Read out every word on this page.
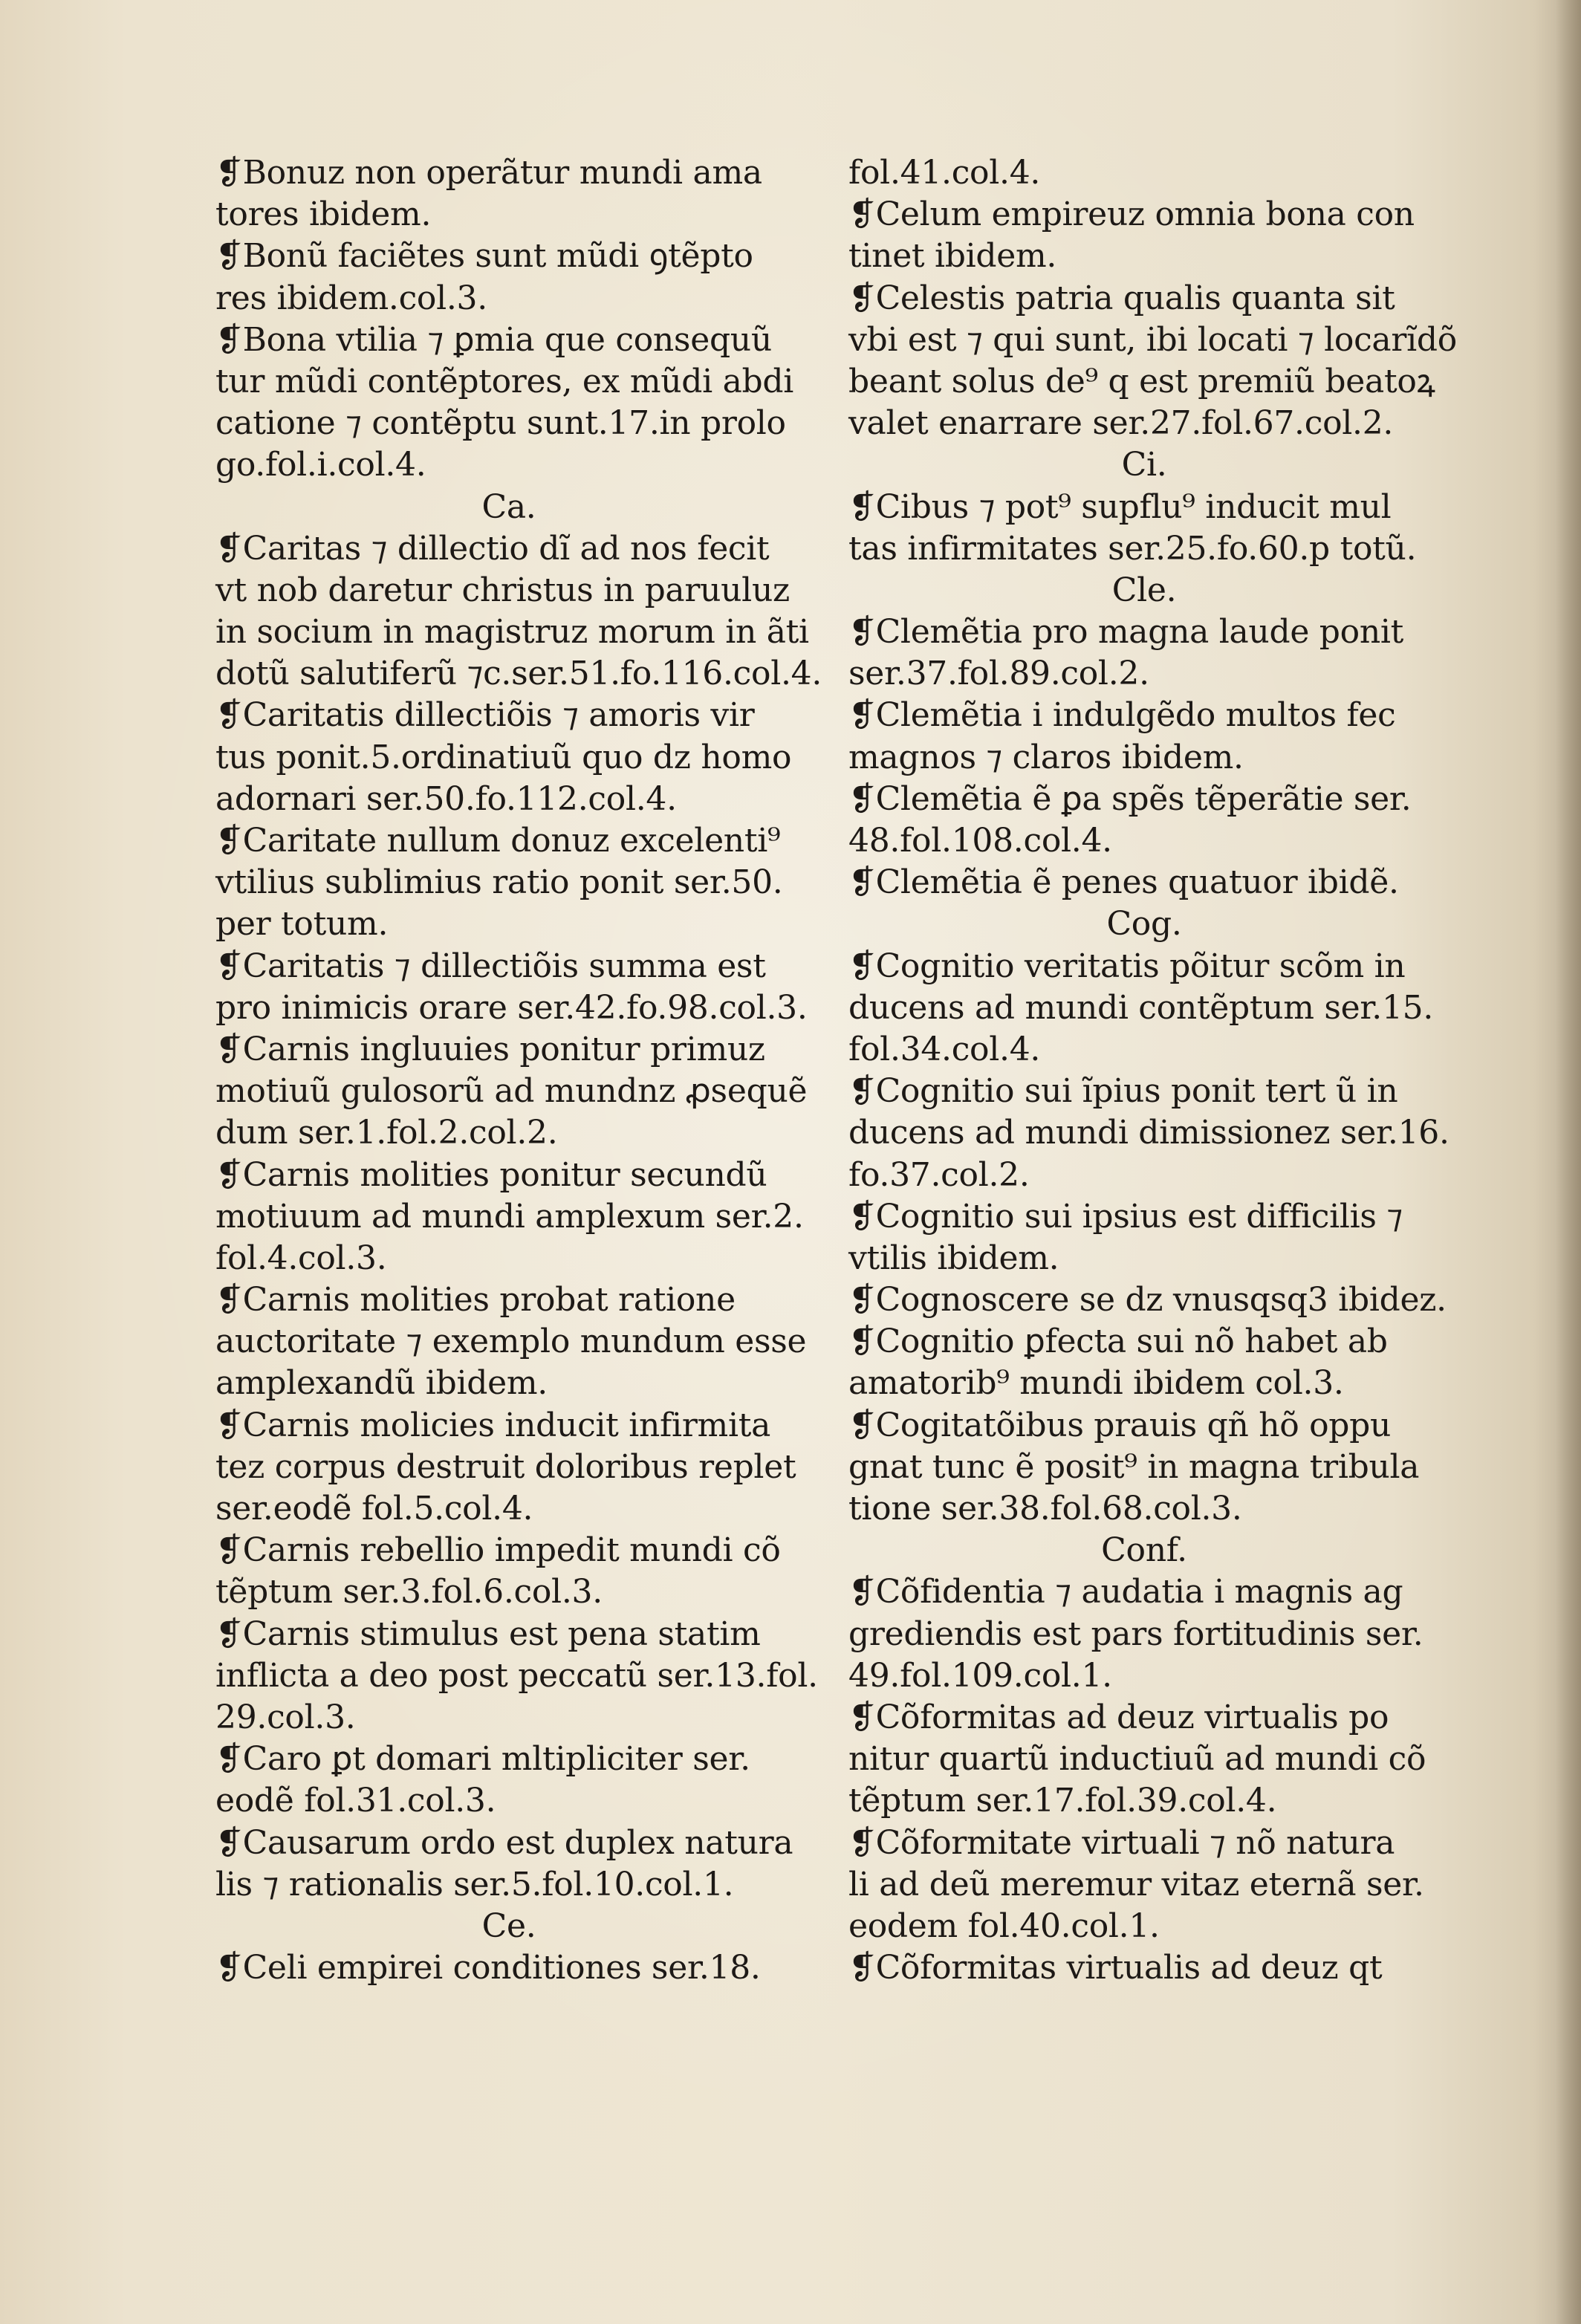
❡Bonuz non operãtur mundi ama
tores ibidem.
❡Bonũ faciẽtes sunt mũdi ꝯtẽpto
res ibidem.col.3.
❡Bona vtilia ⁊ ꝑmia que consequũ
tur mũdi contẽptores, ex mũdi abdi
catione ⁊ contẽptu sunt.17.in prolo
go.fol.i.col.4.
Ca.
❡Caritas ⁊ dillectio dĩ ad nos fecit
vt nob daretur christus in paruuluz
in socium in magistruz morum in ãti
dotũ salutiferũ ⁊c.ser.51.fo.116.col.4.
❡Caritatis dillectiõis ⁊ amoris vir
tus ponit.5.ordinatiuũ quo dz homo
adornari ser.50.fo.112.col.4.
❡Caritate nullum donuz excelenti⁹
vtilius sublimius ratio ponit ser.50.
per totum.
❡Caritatis ⁊ dillectiõis summa est
pro inimicis orare ser.42.fo.98.col.3.
❡Carnis ingluuies ponitur primuz
motiuũ gulosorũ ad mundnz ꝓsequẽ
dum ser.1.fol.2.col.2.
❡Carnis molities ponitur secundũ
motiuum ad mundi amplexum ser.2.
fol.4.col.3.
❡Carnis molities probat ratione
auctoritate ⁊ exemplo mundum esse
amplexandũ ibidem.
❡Carnis molicies inducit infirmita
tez corpus destruit doloribus replet
ser.eodẽ fol.5.col.4.
❡Carnis rebellio impedit mundi cõ
tẽptum ser.3.fol.6.col.3.
❡Carnis stimulus est pena statim
inflicta a deo post peccatũ ser.13.fol.
29.col.3.
❡Caro ꝑt domari mltipliciter ser.
eodẽ fol.31.col.3.
❡Causarum ordo est duplex natura
lis ⁊ rationalis ser.5.fol.10.col.1.
Ce.
❡Celi empirei conditiones ser.18.
fol.41.col.4.
❡Celum empireuz omnia bona con
tinet ibidem.
❡Celestis patria qualis quanta sit
vbi est ⁊ qui sunt, ibi locati ⁊ locarĩdõ
beant solus de⁹ q est premiũ beatoꝝ
valet enarrare ser.27.fol.67.col.2.
Ci.
❡Cibus ⁊ pot⁹ supflu⁹ inducit mul
tas infirmitates ser.25.fo.60.p totũ.
Cle.
❡Clemẽtia pro magna laude ponit
ser.37.fol.89.col.2.
❡Clemẽtia i indulgẽdo multos fec
magnos ⁊ claros ibidem.
❡Clemẽtia ẽ ꝑa spẽs tẽperãtie ser.
48.fol.108.col.4.
❡Clemẽtia ẽ penes quatuor ibidẽ.
Cog.
❡Cognitio veritatis põitur scõm in
ducens ad mundi contẽptum ser.15.
fol.34.col.4.
❡Cognitio sui ĩpius ponit tert ũ in
ducens ad mundi dimissionez ser.16.
fo.37.col.2.
❡Cognitio sui ipsius est difficilis ⁊
vtilis ibidem.
❡Cognoscere se dz vnusqsq3 ibidez.
❡Cognitio ꝑfecta sui nõ habet ab
amatorib⁹ mundi ibidem col.3.
❡Cogitatõibus prauis qñ hõ oppu
gnat tunc ẽ posit⁹ in magna tribula
tione ser.38.fol.68.col.3.
Conf.
❡Cõfidentia ⁊ audatia i magnis ag
grediendis est pars fortitudinis ser.
49.fol.109.col.1.
❡Cõformitas ad deuz virtualis po
nitur quartũ inductiuũ ad mundi cõ
tẽptum ser.17.fol.39.col.4.
❡Cõformitate virtuali ⁊ nõ natura
li ad deũ meremur vitaz eternã ser.
eodem fol.40.col.1.
❡Cõformitas virtualis ad deuz qt
